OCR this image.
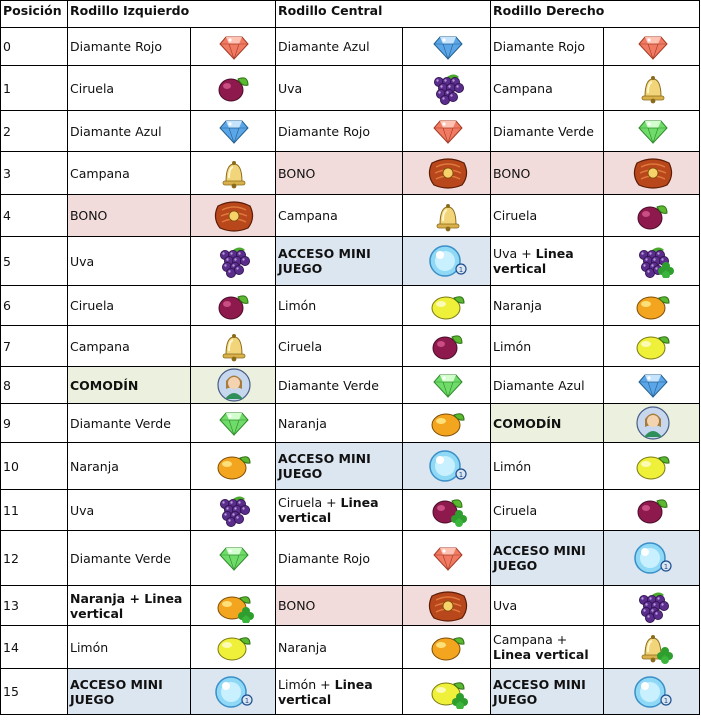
Posición	Rodillo Izquierdo		Rodillo Central		Rodillo Derecho	
0	Diamante Rojo		Diamante Azul		Diamante Rojo	
1	Ciruela		Uva		Campana	
2	Diamante Azul		Diamante Rojo		Diamante Verde	
3	Campana		BONO		BONO	
4	BONO		Campana		Ciruela	
5	Uva		ACCESO MINI JUEGO	1	Uva + Linea vertical	
6	Ciruela		Limón		Naranja	
7	Campana		Ciruela		Limón	
8	COMODÍN		Diamante Verde		Diamante Azul	
9	Diamante Verde		Naranja		COMODÍN	
10	Naranja		ACCESO MINI JUEGO	1	Limón	
11	Uva		Ciruela + Linea vertical		Ciruela	
12	Diamante Verde		Diamante Rojo		ACCESO MINI JUEGO	1

13	Naranja + Linea vertical		BONO		Uva	
14	Limón		Naranja		Campana + Linea vertical	
15	ACCESO MINI JUEGO	1	Limón + Linea vertical		ACCESO MINI JUEGO	1
